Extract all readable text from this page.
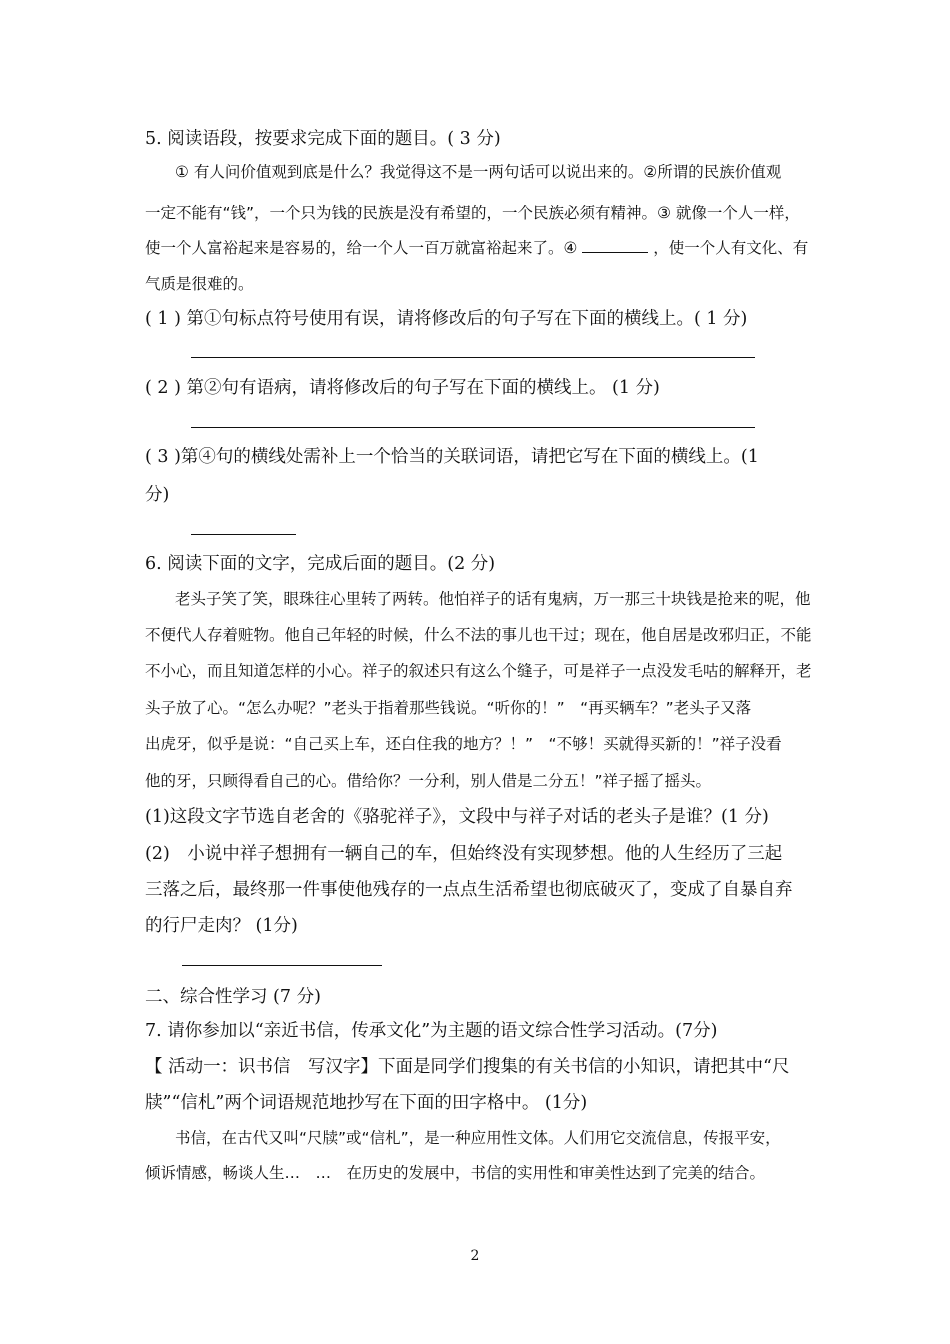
5. 阅读语段，按要求完成下面的题目。( 3 分)
① 有人问价值观到底是什么？我觉得这不是一两句话可以说出来的。②所谓的民族价值观
一定不能有“钱”，一个只为钱的民族是没有希望的，一个民族必须有精神。③ 就像一个人一样，
使一个人富裕起来是容易的，给一个人一百万就富裕起来了。④	，使一个人有文化、有
气质是很难的。
( 1 ) 第①句标点符号使用有误，请将修改后的句子写在下面的横线上。( 1 分)
( 2 ) 第②句有语病，请将修改后的句子写在下面的横线上。 (1 分)
( 3 )第④句的横线处需补上一个恰当的关联词语，请把它写在下面的横线上。(1
分)
6. 阅读下面的文字，完成后面的题目。(2 分)
老头子笑了笑，眼珠往心里转了两转。他怕祥子的话有鬼病，万一那三十块钱是抢来的呢，他
不便代人存着赃物。他自己年轻的时候，什么不法的事儿也干过；现在，他自居是改邪归正，不能
不小心，而且知道怎样的小心。祥子的叙述只有这么个缝子，可是祥子一点没发毛咕的解释开，老
头子放了心。“怎么办呢？”老头于指着那些钱说。“听你的！”　“再买辆车？”老头子又落
出虎牙，似乎是说：“自己买上车，还白住我的地方？！”　“不够！买就得买新的！”祥子没看
他的牙，只顾得看自己的心。借给你？一分利，别人借是二分五！”祥子摇了摇头。
(1)这段文字节选自老舍的《骆驼祥子》，文段中与祥子对话的老头子是谁？(1 分)
(2)　小说中祥子想拥有一辆自己的车，但始终没有实现梦想。他的人生经历了三起
三落之后，最终那一件事使他残存的一点点生活希望也彻底破灭了，变成了自暴自弃
的行尸走肉？ (1分)
二、综合性学习 (7 分)
7. 请你参加以“亲近书信，传承文化”为主题的语文综合性学习活动。(7分)
【 活动一：识书信　写汉字】下面是同学们搜集的有关书信的小知识，请把其中“尺
牍”“信札”两个词语规范地抄写在下面的田字格中。 (1分)
书信，在古代又叫“尺牍”或“信札”，是一种应用性文体。人们用它交流信息，传报平安，
倾诉情感，畅谈人生…　…　在历史的发展中，书信的实用性和审美性达到了完美的结合。
2
